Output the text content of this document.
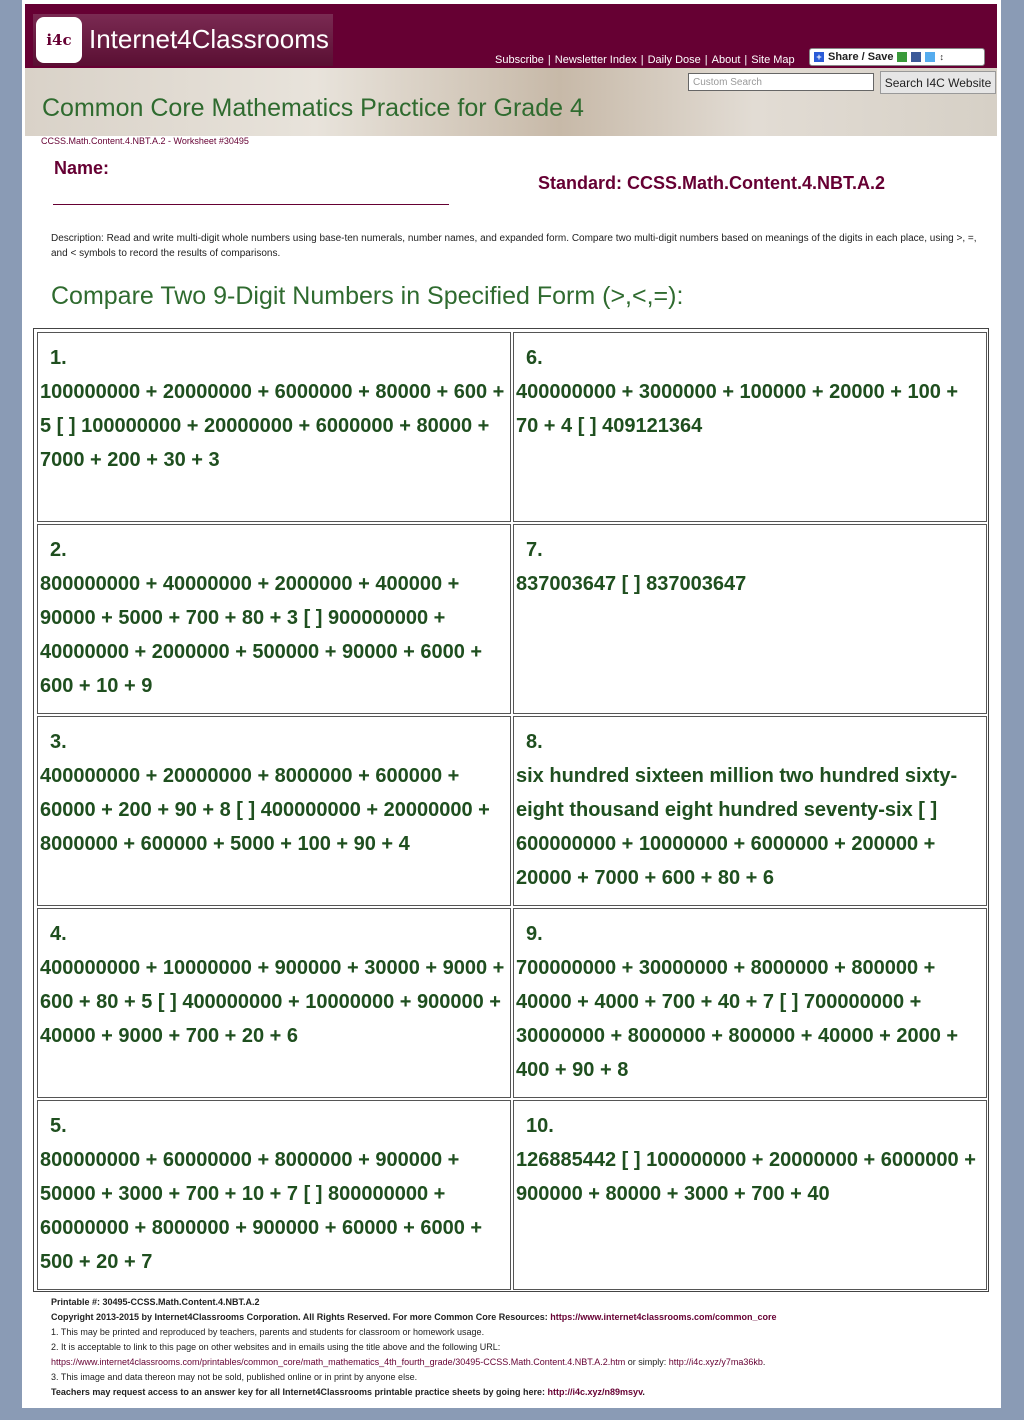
i4c Internet4Classrooms
Subscribe | Newsletter Index | Daily Dose | About | Site Map + Share / Save	↕
Custom Search	Search I4C Website
Common Core Mathematics Practice for Grade 4
CCSS.Math.Content.4.NBT.A.2 - Worksheet #30495
Name:
Standard: CCSS.Math.Content.4.NBT.A.2
Description: Read and write multi-digit whole numbers using base-ten numerals, number names, and expanded form. Compare two multi-digit numbers based on meanings of the digits in each place, using >, =, and < symbols to record the results of comparisons.
Compare Two 9-Digit Numbers in Specified Form (>,<,=):
1.
100000000 + 20000000 + 6000000 + 80000 + 600 + 5 [ ] 100000000 + 20000000 + 6000000 + 80000 + 7000 + 200 + 30 + 3
6.
400000000 + 3000000 + 100000 + 20000 + 100 + 70 + 4 [ ] 409121364
2.
800000000 + 40000000 + 2000000 + 400000 + 90000 + 5000 + 700 + 80 + 3 [ ] 900000000 + 40000000 + 2000000 + 500000 + 90000 + 6000 + 600 + 10 + 9
7.
837003647 [ ] 837003647
3.
400000000 + 20000000 + 8000000 + 600000 + 60000 + 200 + 90 + 8 [ ] 400000000 + 20000000 + 8000000 + 600000 + 5000 + 100 + 90 + 4
8.
six hundred sixteen million two hundred sixty-eight thousand eight hundred seventy-six [ ] 600000000 + 10000000 + 6000000 + 200000 + 20000 + 7000 + 600 + 80 + 6
4.
400000000 + 10000000 + 900000 + 30000 + 9000 + 600 + 80 + 5 [ ] 400000000 + 10000000 + 900000 + 40000 + 9000 + 700 + 20 + 6
9.
700000000 + 30000000 + 8000000 + 800000 + 40000 + 4000 + 700 + 40 + 7 [ ] 700000000 + 30000000 + 8000000 + 800000 + 40000 + 2000 + 400 + 90 + 8
5.
800000000 + 60000000 + 8000000 + 900000 + 50000 + 3000 + 700 + 10 + 7 [ ] 800000000 + 60000000 + 8000000 + 900000 + 60000 + 6000 + 500 + 20 + 7
10.
126885442 [ ] 100000000 + 20000000 + 6000000 + 900000 + 80000 + 3000 + 700 + 40
Printable #: 30495-CCSS.Math.Content.4.NBT.A.2
Copyright 2013-2015 by Internet4Classrooms Corporation. All Rights Reserved. For more Common Core Resources: https://www.internet4classrooms.com/common_core
1. This may be printed and reproduced by teachers, parents and students for classroom or homework usage.
2. It is acceptable to link to this page on other websites and in emails using the title above and the following URL:
https://www.internet4classrooms.com/printables/common_core/math_mathematics_4th_fourth_grade/30495-CCSS.Math.Content.4.NBT.A.2.htm or simply: http://i4c.xyz/y7ma36kb.
3. This image and data thereon may not be sold, published online or in print by anyone else.
Teachers may request access to an answer key for all Internet4Classrooms printable practice sheets by going here: http://i4c.xyz/n89msyv.
